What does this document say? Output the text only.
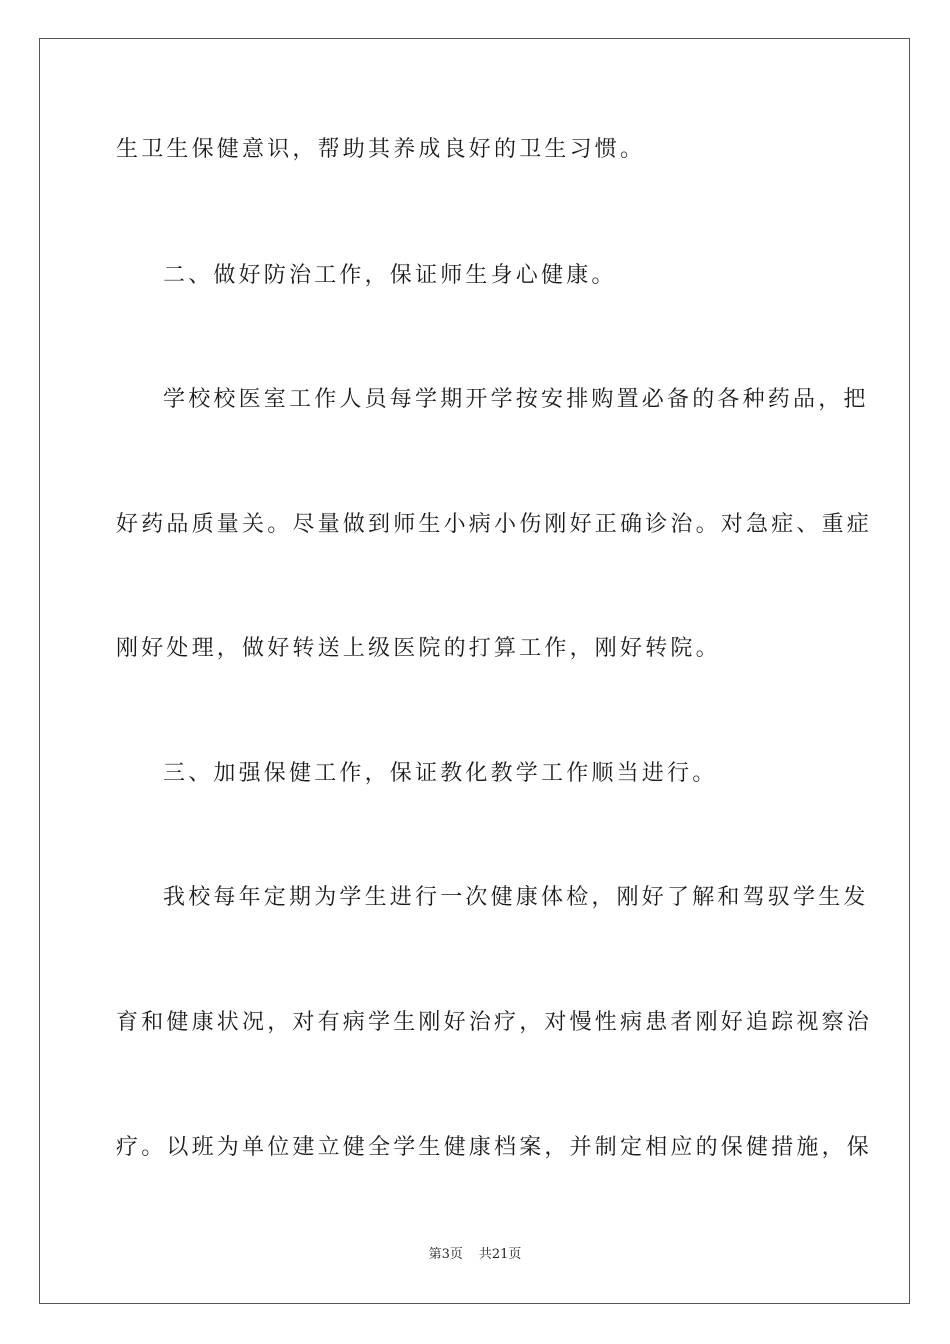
生卫生保健意识，帮助其养成良好的卫生习惯。
二、做好防治工作，保证师生身心健康。
学校校医室工作人员每学期开学按安排购置必备的各种药品，把
好药品质量关。尽量做到师生小病小伤刚好正确诊治。对急症、重症
刚好处理，做好转送上级医院的打算工作，刚好转院。
三、加强保健工作，保证教化教学工作顺当进行。
我校每年定期为学生进行一次健康体检，刚好了解和驾驭学生发
育和健康状况，对有病学生刚好治疗，对慢性病患者刚好追踪视察治
疗。以班为单位建立健全学生健康档案，并制定相应的保健措施，保
第3页 共21页
